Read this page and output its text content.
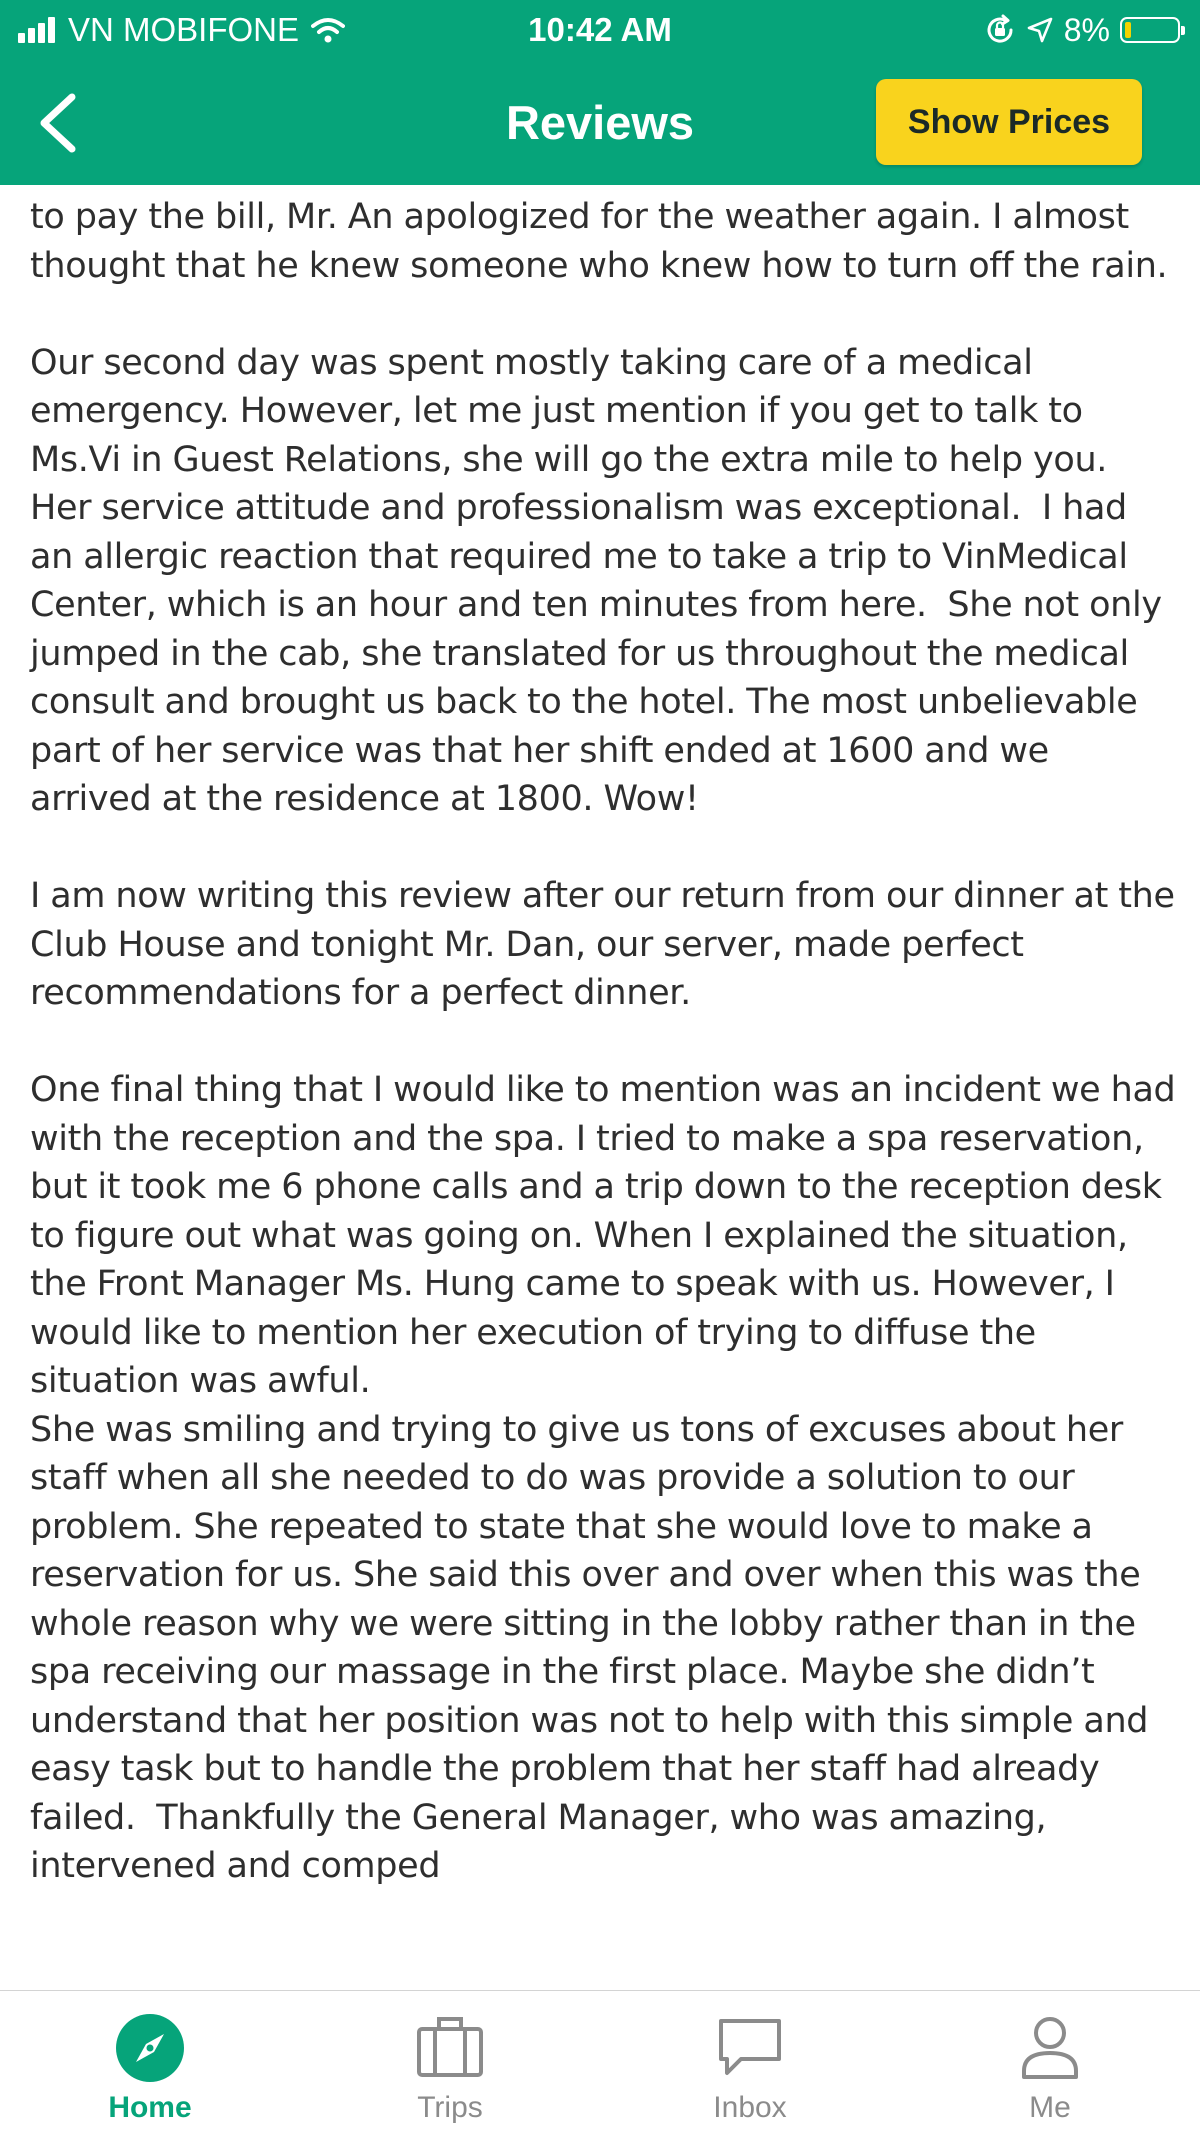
VN MOBIFONE	10:42 AM	8%
Reviews	Show Prices

to pay the bill, Mr. An apologized for the weather again. I almost thought that he knew someone who knew how to turn off the rain.

Our second day was spent mostly taking care of a medical emergency. However, let me just mention if you get to talk to Ms.Vi in Guest Relations, she will go the extra mile to help you.  Her service attitude and professionalism was exceptional.  I had an allergic reaction that required me to take a trip to VinMedical Center, which is an hour and ten minutes from here.  She not only jumped in the cab, she translated for us throughout the medical consult and brought us back to the hotel. The most unbelievable part of her service was that her shift ended at 1600 and we arrived at the residence at 1800. Wow!

I am now writing this review after our return from our dinner at the Club House and tonight Mr. Dan, our server, made perfect recommendations for a perfect dinner.

One final thing that I would like to mention was an incident we had with the reception and the spa. I tried to make a spa reservation, but it took me 6 phone calls and a trip down to the reception desk to figure out what was going on. When I explained the situation, the Front Manager Ms. Hung came to speak with us. However, I would like to mention her execution of trying to diffuse the situation was awful.
She was smiling and trying to give us tons of excuses about her staff when all she needed to do was provide a solution to our problem. She repeated to state that she would love to make a reservation for us. She said this over and over when this was the whole reason why we were sitting in the lobby rather than in the spa receiving our massage in the first place. Maybe she didn’t understand that her position was not to help with this simple and easy task but to handle the problem that her staff had already failed.  Thankfully the General Manager, who was amazing, intervened and comped

Home	Trips	Inbox	Me
